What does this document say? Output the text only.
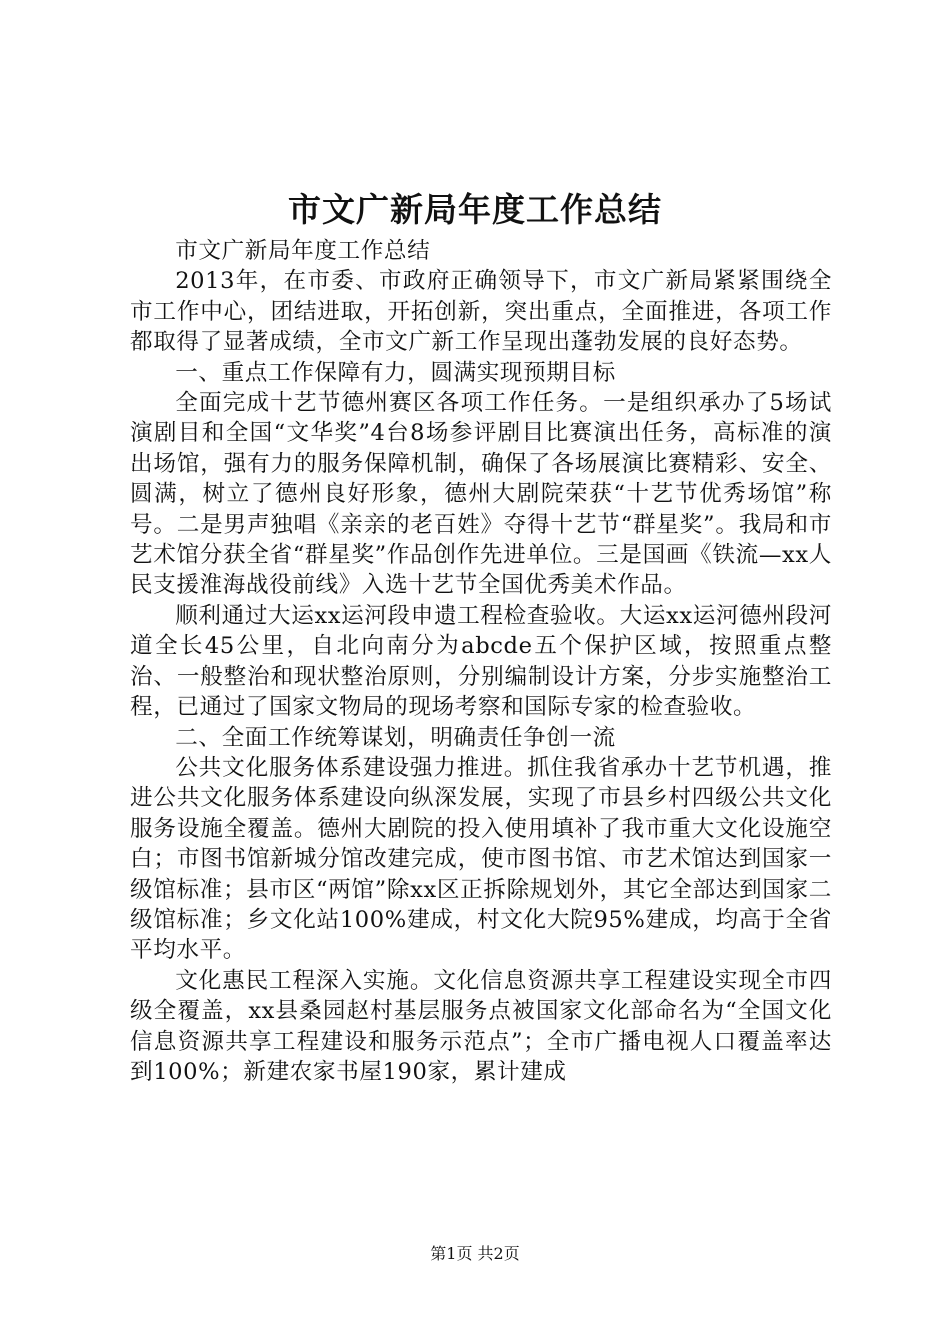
市文广新局年度工作总结

市文广新局年度工作总结

2013年，在市委、市政府正确领导下，市文广新局紧紧围绕全市工作中心，团结进取，开拓创新，突出重点，全面推进，各项工作都取得了显著成绩，全市文广新工作呈现出蓬勃发展的良好态势。

一、重点工作保障有力，圆满实现预期目标

全面完成十艺节德州赛区各项工作任务。一是组织承办了5场试演剧目和全国“文华奖”4台8场参评剧目比赛演出任务，高标准的演出场馆，强有力的服务保障机制，确保了各场展演比赛精彩、安全、圆满，树立了德州良好形象，德州大剧院荣获“十艺节优秀场馆”称号。二是男声独唱《亲亲的老百姓》夺得十艺节“群星奖”。我局和市艺术馆分获全省“群星奖”作品创作先进单位。三是国画《铁流—xx人民支援淮海战役前线》入选十艺节全国优秀美术作品。

顺利通过大运xx运河段申遗工程检查验收。大运xx运河德州段河道全长45公里，自北向南分为abcde五个保护区域，按照重点整治、一般整治和现状整治原则，分别编制设计方案，分步实施整治工程，已通过了国家文物局的现场考察和国际专家的检查验收。

二、全面工作统筹谋划，明确责任争创一流

公共文化服务体系建设强力推进。抓住我省承办十艺节机遇，推进公共文化服务体系建设向纵深发展，实现了市县乡村四级公共文化服务设施全覆盖。德州大剧院的投入使用填补了我市重大文化设施空白；市图书馆新城分馆改建完成，使市图书馆、市艺术馆达到国家一级馆标准；县市区“两馆”除xx区正拆除规划外，其它全部达到国家二级馆标准；乡文化站100%建成，村文化大院95%建成，均高于全省平均水平。

文化惠民工程深入实施。文化信息资源共享工程建设实现全市四级全覆盖，xx县桑园赵村基层服务点被国家文化部命名为“全国文化信息资源共享工程建设和服务示范点”；全市广播电视人口覆盖率达到100%；新建农家书屋190家，累计建成

第1页 共2页
